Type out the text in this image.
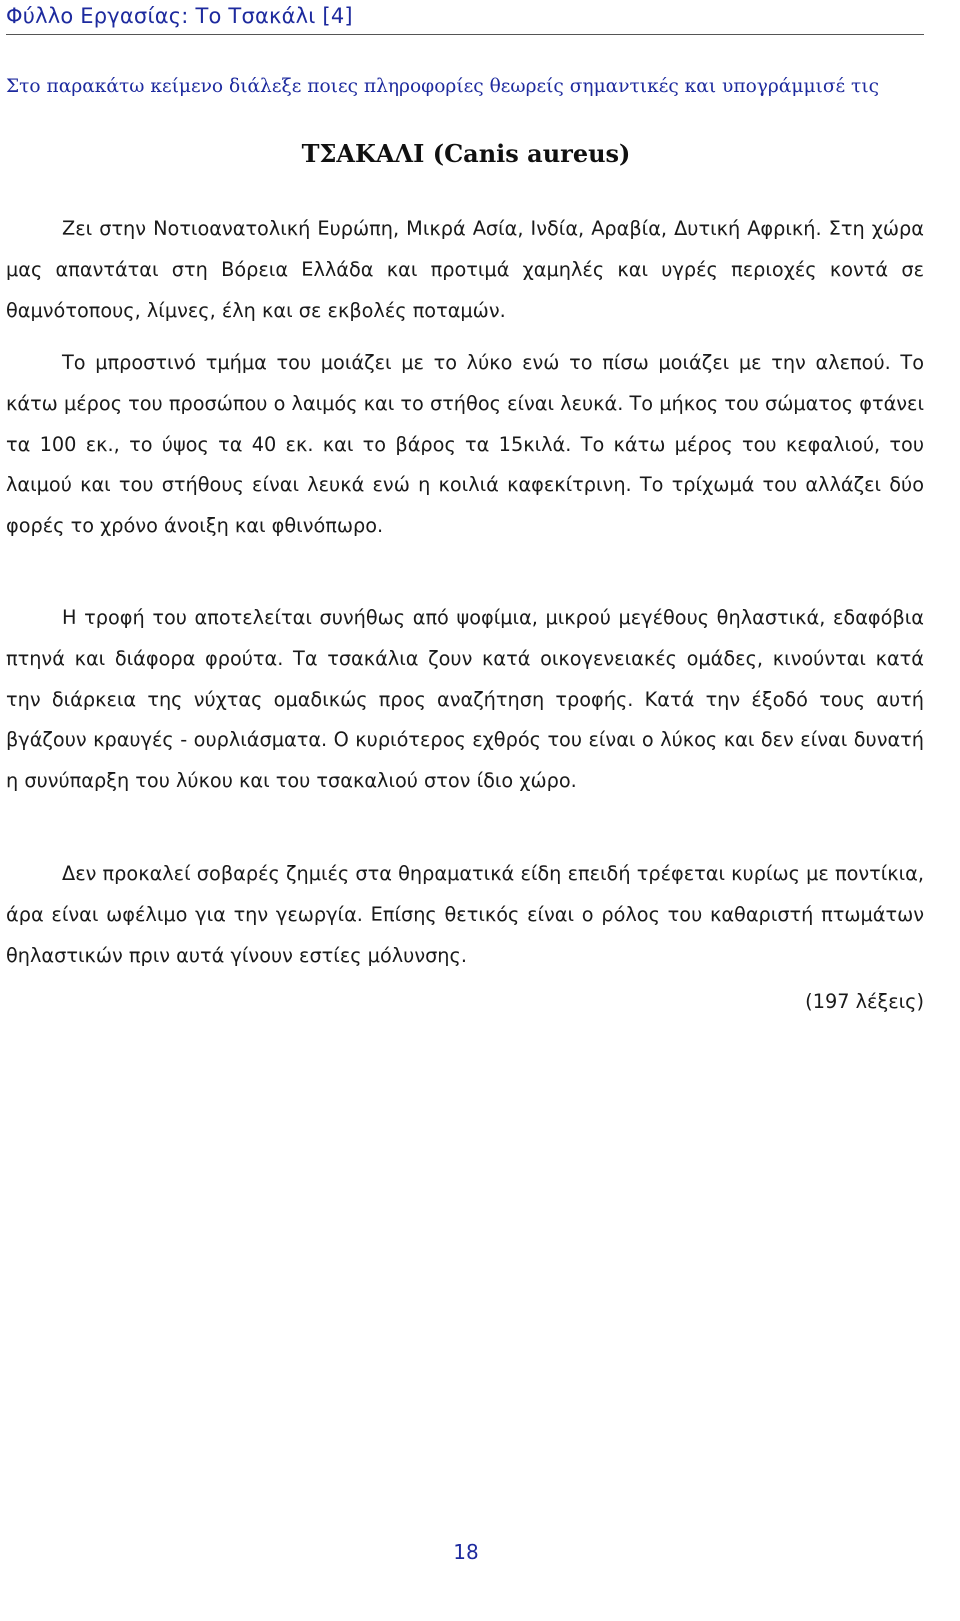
Φύλλο Εργασίας: Το Τσακάλι [4]
Στο παρακάτω κείμενο διάλεξε ποιες πληροφορίες θεωρείς σημαντικές και υπογράμμισέ τις
ΤΣΑΚΑΛΙ (Canis aureus)

Ζει στην Νοτιοανατολική Ευρώπη, Μικρά Ασία, Ινδία, Αραβία, Δυτική Αφρική. Στη χώρα μας απαντάται στη Βόρεια Ελλάδα και προτιμά χαμηλές και υγρές περιοχές κοντά σε θαμνότοπους, λίμνες, έλη και σε εκβολές ποταμών.

Το μπροστινό τμήμα του μοιάζει με το λύκο ενώ το πίσω μοιάζει με την αλεπού. Το κάτω μέρος του προσώπου ο λαιμός και το στήθος είναι λευκά. Το μήκος του σώματος φτάνει τα 100 εκ., το ύψος τα 40 εκ. και το βάρος τα 15κιλά. Το κάτω μέρος του κεφαλιού, του λαιμού και του στήθους είναι λευκά ενώ η κοιλιά καφεκίτρινη. Το τρίχωμά του αλλάζει δύο φορές το χρόνο άνοιξη και φθινόπωρο.

Η τροφή του αποτελείται συνήθως από ψοφίμια, μικρού μεγέθους θηλαστικά, εδαφόβια πτηνά και διάφορα φρούτα. Τα τσακάλια ζουν κατά οικογενειακές ομάδες, κινούνται κατά την διάρκεια της νύχτας ομαδικώς προς αναζήτηση τροφής. Κατά την έξοδό τους αυτή βγάζουν κραυγές - ουρλιάσματα. Ο κυριότερος εχθρός του είναι ο λύκος και δεν είναι δυνατή η συνύπαρξη του λύκου και του τσακαλιού στον ίδιο χώρο.

Δεν προκαλεί σοβαρές ζημιές στα θηραματικά είδη επειδή τρέφεται κυρίως με ποντίκια, άρα είναι ωφέλιμο για την γεωργία. Επίσης θετικός είναι ο ρόλος του καθαριστή πτωμάτων θηλαστικών πριν αυτά γίνουν εστίες μόλυνσης.

(197 λέξεις)
18
